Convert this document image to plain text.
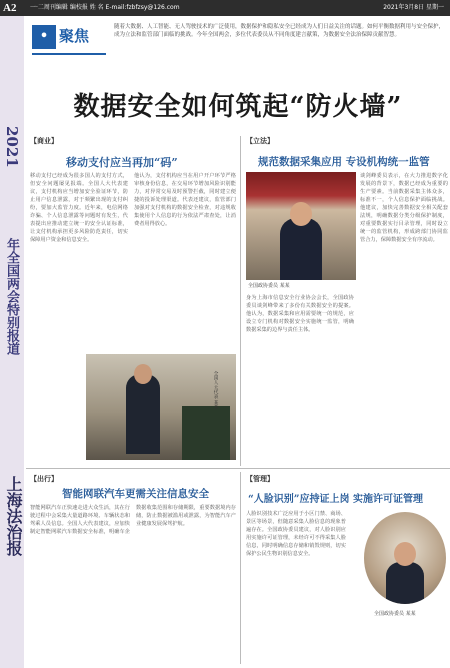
A2 一·二周刊编辑 编校报 姓 名 E-mail:fzbfzsy@126.com	2021年3月8日 星期一
2021
年全国两会特别报道
上海法治报
• 聚焦	随着大数据、人工智能、无人驾驶技术的广泛使用，数据保护和隐私安全已经成为人们日益关注的话题。如何平衡数据利用与安全保护，成为立法和监管部门面临的挑战。今年全国两会，多位代表委员从不同角度建言献策，为数据安全法治保障贡献智慧。
数据安全如何筑起“防火墙”
【商业】
移动支付应当再加“码”
移动支付已经成为很多国人的支付方式，但安全问题屡见报端。全国人大代表建议，支付机构应当增加安全验证环节，防止用户信息泄露，对于频繁出现的支付纠纷，要加大监管力度。近年来，电信网络诈骗、个人信息泄露等问题时有发生，代表提出应推动建立统一的安全认证标准，让支付机构承担更多风险防范责任，切实保障用户资金和信息安全。
他认为，支付机构应当在用户开户环节严格审核身份信息，在交易环节增加风险识别能力，对异常交易及时预警拦截，同时建立便捷的投诉处理渠道。代表还建议，监管部门加强对支付机构的数据安全检查，对违规收集使用个人信息的行为依法严肃查处，让消费者用得放心。
全国人大代表 某某
【立法】
规范数据采集应用 专设机构统一监管
全国政协委员 某某
谈剑峰委员表示，在大力推进数字化发展的背景下，数据已经成为重要的生产要素。当前数据采集主体众多，标准不一，个人信息保护面临挑战。他建议，加快完善数据安全相关配套法规，明确数据分类分级保护制度，对重要数据实行目录管理，同时设立统一的监管机构，形成跨部门协同监管合力，保障数据安全有序流动。
身为上海市信息安全行业协会会长，全国政协委员谈剑峰带来了多份有关数据安全的提案。他认为，数据采集和应用需要统一的规范，应设立专门机构对数据安全实施统一监管，明确数据采集的边界与责任主体。
【出行】
智能网联汽车更需关注信息安全
智能网联汽车正快速走进大众生活，其在行驶过程中会采集大量道路环境、车辆状态和驾乘人员信息。全国人大代表建议，应加快制定智能网联汽车数据安全标准，明确车企数据收集范围和存储期限，重要数据境内存储，防止数据被滥用或泄露，为智能汽车产业健康发展保驾护航。
【管理】
“人脸识别”应持证上岗 实施许可证管理
人脸识别技术广泛应用于小区门禁、商场、景区等场景，但随意采集人脸信息的现象普遍存在。全国政协委员建议，对人脸识别应用实施许可证管理，未经许可不得采集人脸信息，同时明确信息存储和销毁规则，切实保护公民生物识别信息安全。
全国政协委员 某某
